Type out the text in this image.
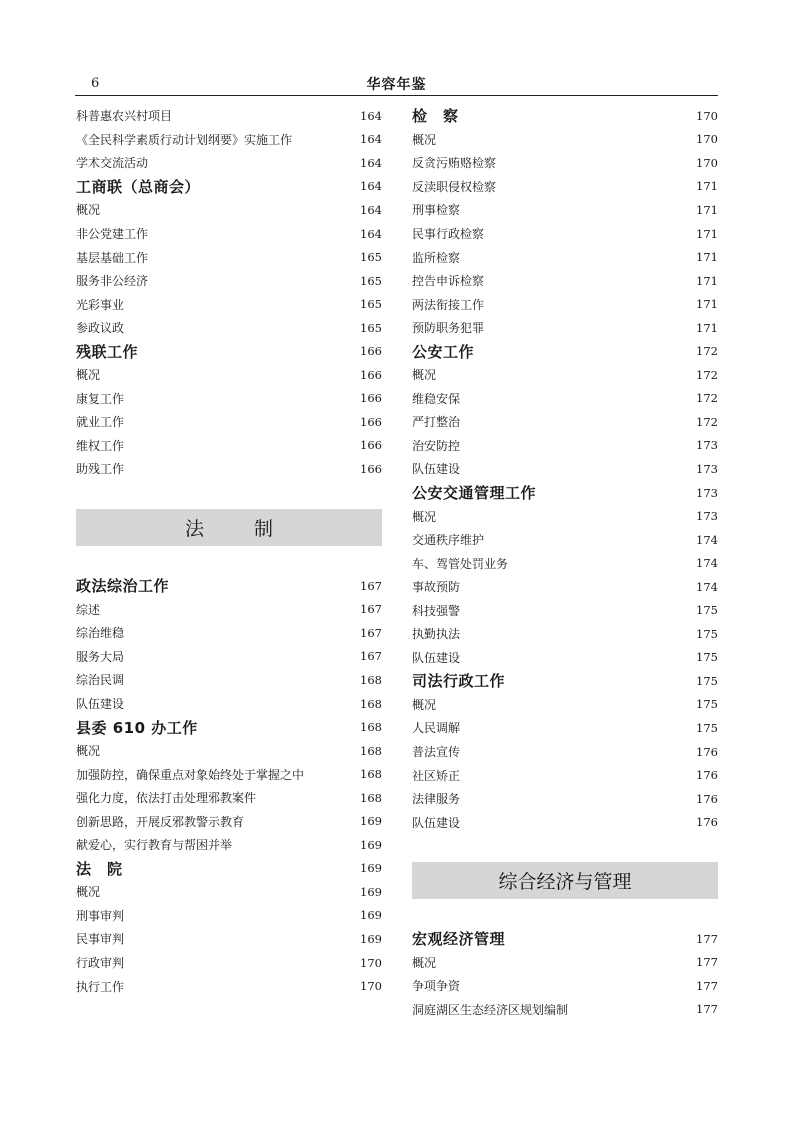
6	华容年鉴
科普惠农兴村项目	164
《全民科学素质行动计划纲要》实施工作	164
学术交流活动	164
工商联（总商会）	164
概况	164
非公党建工作	164
基层基础工作	165
服务非公经济	165
光彩事业	165
参政议政	165
残联工作	166
概况	166
康复工作	166
就业工作	166
维权工作	166
助残工作	166
法制
政法综治工作	167
综述	167
综治维稳	167
服务大局	167
综治民调	168
队伍建设	168
县委 610 办工作	168
概况	168
加强防控，确保重点对象始终处于掌握之中	168
强化力度，依法打击处理邪教案件	168
创新思路，开展反邪教警示教育	169
献爱心，实行教育与帮困并举	169
法　院	169
概况	169
刑事审判	169
民事审判	169
行政审判	170
执行工作	170
检　察	170
概况	170
反贪污贿赂检察	170
反渎职侵权检察	171
刑事检察	171
民事行政检察	171
监所检察	171
控告申诉检察	171
两法衔接工作	171
预防职务犯罪	171
公安工作	172
概况	172
维稳安保	172
严打整治	172
治安防控	173
队伍建设	173
公安交通管理工作	173
概况	173
交通秩序维护	174
车、驾管处罚业务	174
事故预防	174
科技强警	175
执勤执法	175
队伍建设	175
司法行政工作	175
概况	175
人民调解	175
普法宣传	176
社区矫正	176
法律服务	176
队伍建设	176
综合经济与管理
宏观经济管理	177
概况	177
争项争资	177
洞庭湖区生态经济区规划编制	177
